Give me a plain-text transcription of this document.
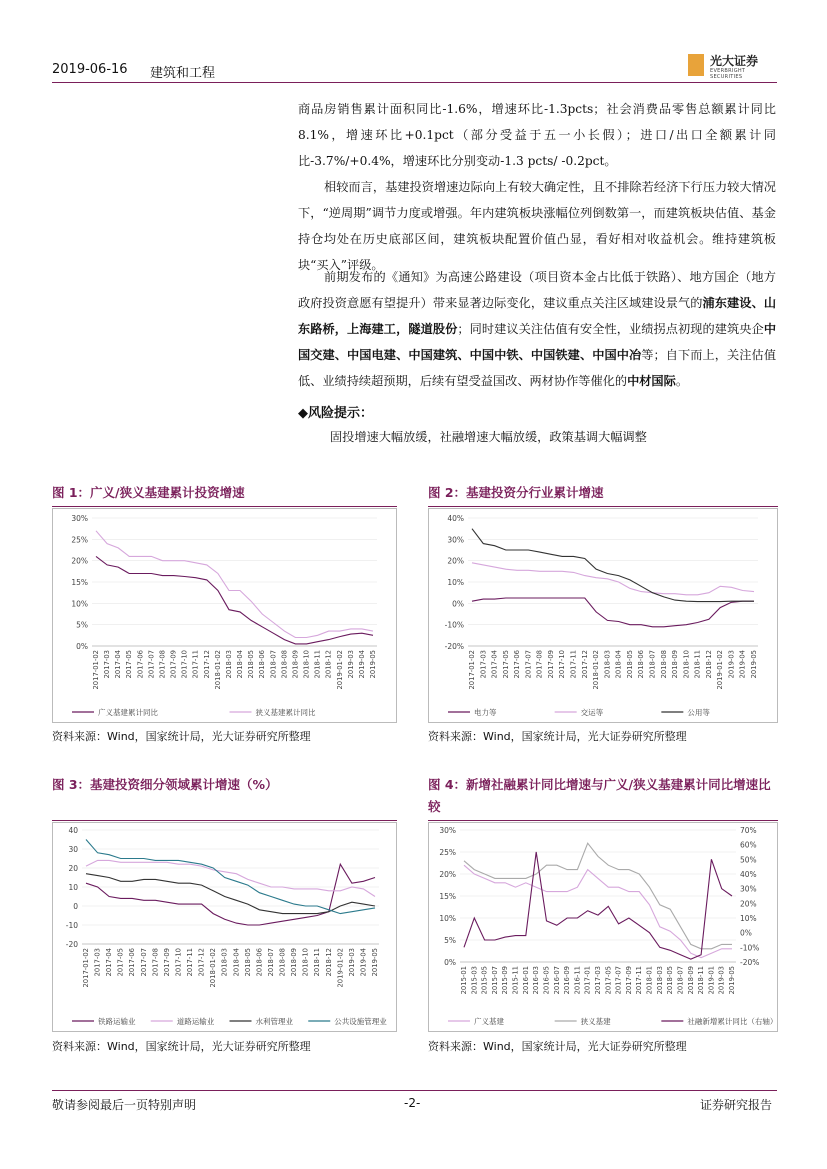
2019-06-16 建筑和工程
光大证券
EVERBRIGHT SECURITIES
商品房销售累计面积同比-1.6%，增速环比-1.3pcts；社会消费品零售总额累计同比8.1%，增速环比+0.1pct（部分受益于五一小长假）；进口/出口全额累计同比-3.7%/+0.4%，增速环比分别变动-1.3 pcts/ -0.2pct。
相较而言，基建投资增速边际向上有较大确定性，且不排除若经济下行压力较大情况下，“逆周期”调节力度或增强。年内建筑板块涨幅位列倒数第一，而建筑板块估值、基金持仓均处在历史底部区间，建筑板块配置价值凸显，看好相对收益机会。维持建筑板块“买入”评级。
前期发布的《通知》为高速公路建设（项目资本金占比低于铁路）、地方国企（地方政府投资意愿有望提升）带来显著边际变化，建议重点关注区域建设景气的浦东建设、山东路桥，上海建工，隧道股份；同时建议关注估值有安全性，业绩拐点初现的建筑央企中国交建、中国电建、中国建筑、中国中铁、中国铁建、中国中冶等；自下而上，关注估值低、业绩持续超预期，后续有望受益国改、两材协作等催化的中材国际。
◆风险提示：
固投增速大幅放缓，社融增速大幅放缓，政策基调大幅调整
图 1：广义/狭义基建累计投资增速	图 2：基建投资分行业累计增速
图 3：基建投资细分领域累计增速（%）	图 4：新增社融累计同比增速与广义/狭义基建累计同比增速比较
30%
25%
20%
15%
10%
5%
0%
2017-01-02 2017-03 2017-04 2017-05 2017-06 2017-07 2017-08 2017-09 2017-10 2017-11 2017-12 2018-01-02 2018-03 2018-04 2018-05 2018-06 2018-07 2018-08 2018-09 2018-10 2018-11 2018-12 2019-01-02 2019-03 2019-04 2019-05
广义基建累计同比	狭义基建累计同比
40%
30%
20%
10%
0%
-10%
-20%
2017-01-02 2017-03 2017-04 2017-05 2017-06 2017-07 2017-08 2017-09 2017-10 2017-11 2017-12 2018-01-02 2018-03 2018-04 2018-05 2018-06 2018-07 2018-08 2018-09 2018-10 2018-11 2018-12 2019-01-02 2019-03 2019-04 2019-05
电力等	交运等	公用等
40
30
20
10
0
-10
-20
2017-01-02 2017-03 2017-04 2017-05 2017-06 2017-07 2017-08 2017-09 2017-10 2017-11 2017-12 2018-01-02 2018-03 2018-04 2018-05 2018-06 2018-07 2018-08 2018-09 2018-10 2018-11 2018-12 2019-01-02 2019-03 2019-04 2019-05
铁路运输业	道路运输业	水利管理业	公共设施管理业
30%
25%
20%
15%
10%
5%
0%
70%
60%
50%
40%
30%
20%
10%
0%
-10%
-20%
2015-01 2015-03 2015-05 2015-07 2015-09 2015-11 2016-01 2016-03 2016-05 2016-07 2016-09 2016-11 2017-01 2017-03 2017-05 2017-07 2017-09 2017-11 2018-01 2018-03 2018-05 2018-07 2018-09 2018-11 2019-01 2019-03 2019-05
广义基建	狭义基建	社融新增累计同比（右轴）
资料来源：Wind，国家统计局，光大证券研究所整理	资料来源：Wind，国家统计局，光大证券研究所整理
资料来源：Wind，国家统计局，光大证券研究所整理	资料来源：Wind，国家统计局，光大证券研究所整理
敬请参阅最后一页特别声明	-2-	证券研究报告
